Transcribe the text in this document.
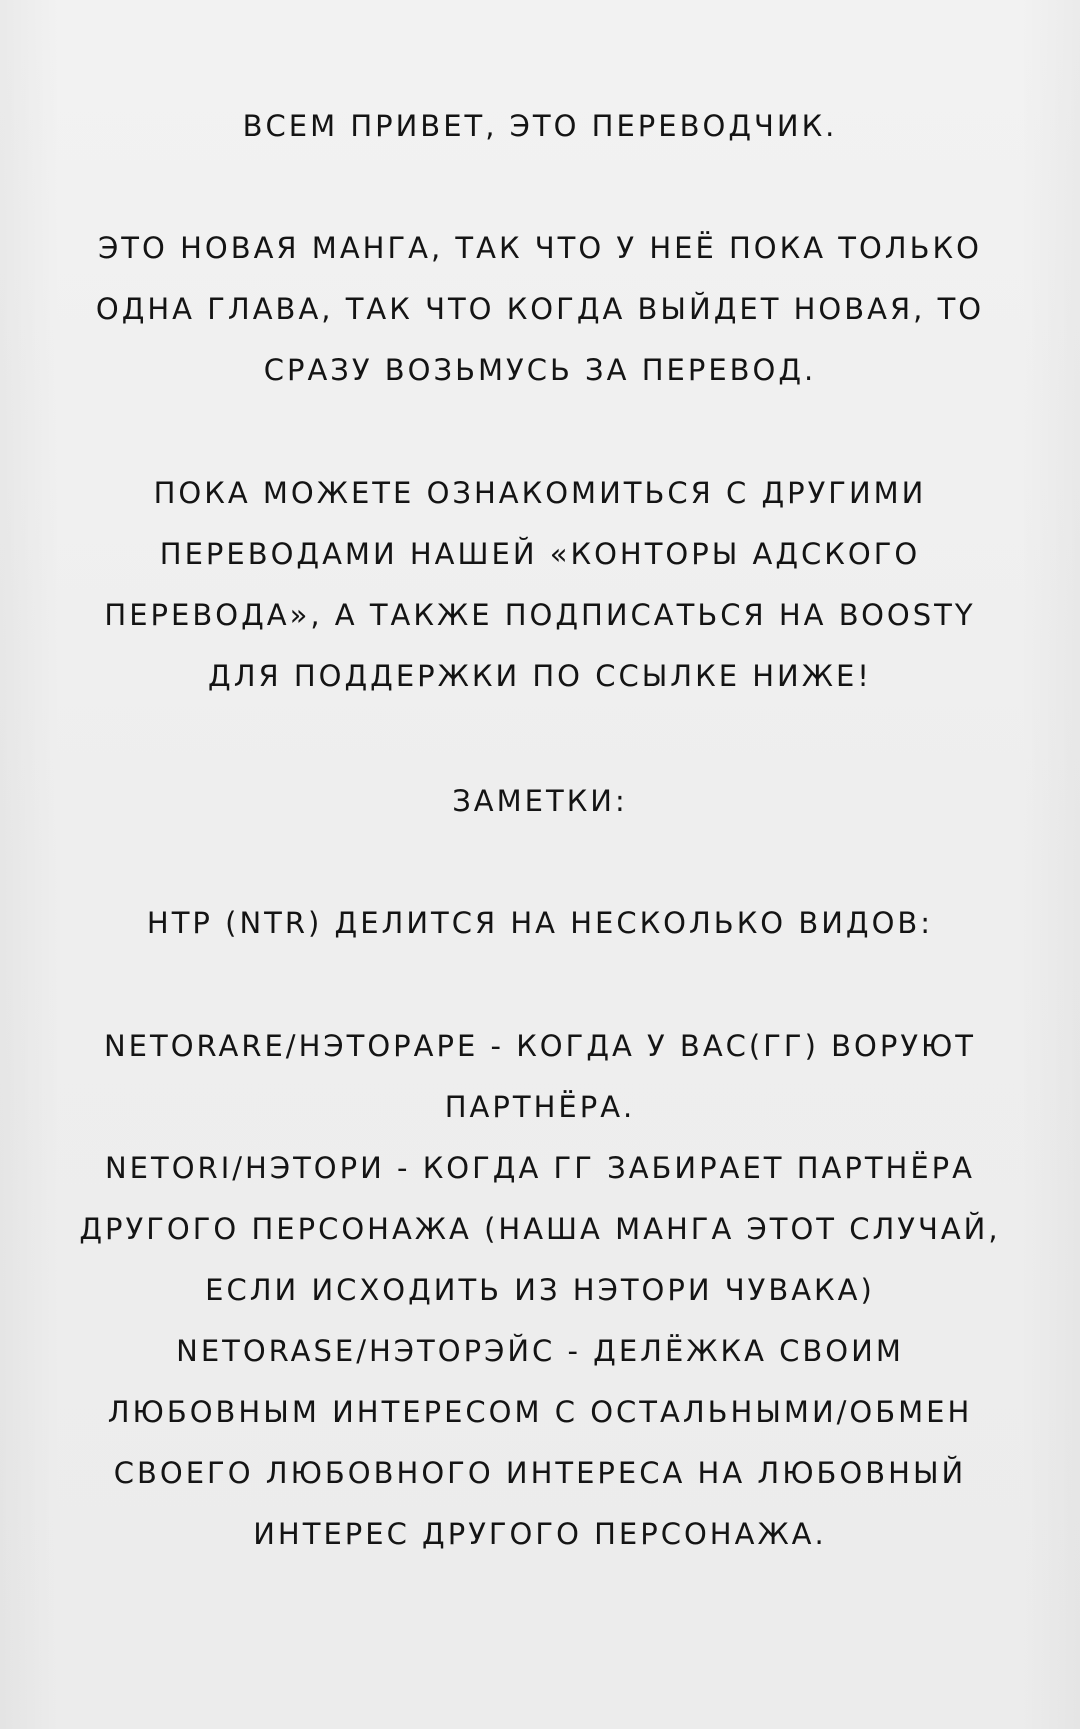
ВСЕМ ПРИВЕТ, ЭТО ПЕРЕВОДЧИК.
ЭТО НОВАЯ МАНГА, ТАК ЧТО У НЕЁ ПОКА ТОЛЬКО
ОДНА ГЛАВА, ТАК ЧТО КОГДА ВЫЙДЕТ НОВАЯ, ТО
СРАЗУ ВОЗЬМУСЬ ЗА ПЕРЕВОД.
ПОКА МОЖЕТЕ ОЗНАКОМИТЬСЯ С ДРУГИМИ
ПЕРЕВОДАМИ НАШЕЙ «КОНТОРЫ АДСКОГО
ПЕРЕВОДА», А ТАКЖЕ ПОДПИСАТЬСЯ НА BOOSTY
ДЛЯ ПОДДЕРЖКИ ПО ССЫЛКЕ НИЖЕ!
ЗАМЕТКИ:
НТР (NTR) ДЕЛИТСЯ НА НЕСКОЛЬКО ВИДОВ:
NETORARE/НЭТОРАРЕ - КОГДА У ВАС(ГГ) ВОРУЮТ
ПАРТНЁРА.
NETORI/НЭТОРИ - КОГДА ГГ ЗАБИРАЕТ ПАРТНЁРА
ДРУГОГО ПЕРСОНАЖА (НАША МАНГА ЭТОТ СЛУЧАЙ,
ЕСЛИ ИСХОДИТЬ ИЗ НЭТОРИ ЧУВАКА)
NETORASE/НЭТОРЭЙС - ДЕЛЁЖКА СВОИМ
ЛЮБОВНЫМ ИНТЕРЕСОМ С ОСТАЛЬНЫМИ/ОБМЕН
СВОЕГО ЛЮБОВНОГО ИНТЕРЕСА НА ЛЮБОВНЫЙ
ИНТЕРЕС ДРУГОГО ПЕРСОНАЖА.
